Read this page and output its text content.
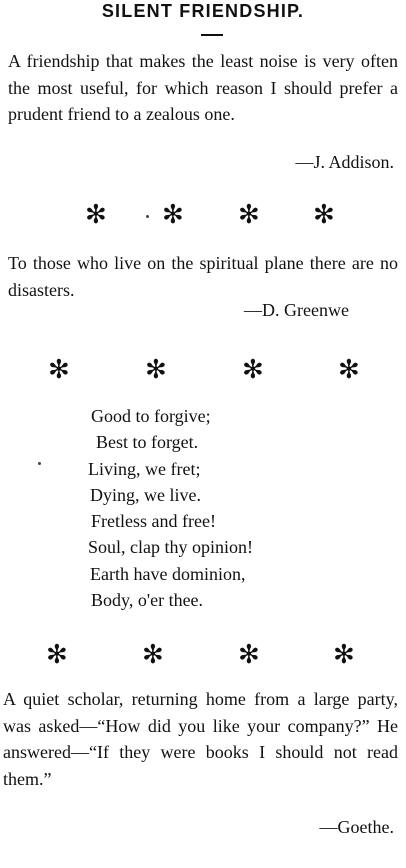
SILENT FRIENDSHIP.
A friendship that makes the least noise is very often the most useful, for which reason I should prefer a prudent friend to a zealous one.
—J. Addison.
✻ ✻ ✻ ✻
To those who live on the spiritual plane there are no disasters.
—D. Greenwe
✻	✻	✻	✻
Good to forgive;
Best to forget.
Living, we fret;
Dying, we live.
Fretless and free!
Soul, clap thy opinion!
Earth have dominion,
Body, o'er thee.
✻	✻	✻	✻
A quiet scholar, returning home from a large party, was asked—“How did you like your company?” He answered—“If they were books I should not read them.”
—Goethe.
